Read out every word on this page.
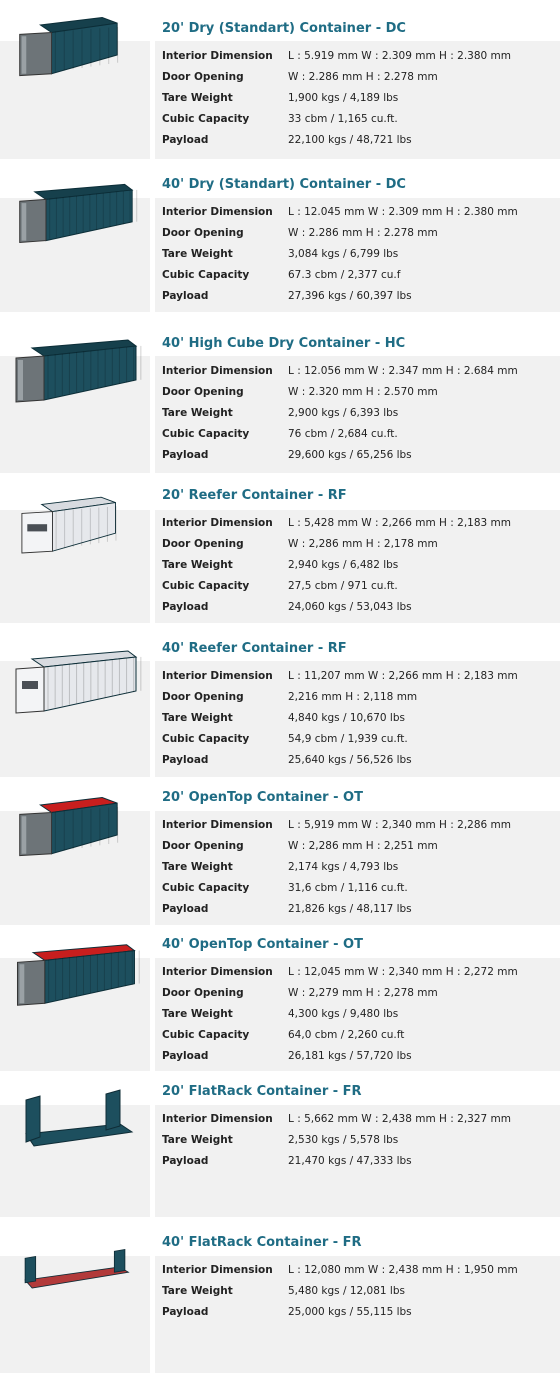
20' Dry (Standart) Container - DC
Interior Dimension L : 5.919 mm W : 2.309 mm H : 2.380 mm
Door Opening	W : 2.286 mm H : 2.278 mm
Tare Weight	1,900 kgs / 4,189 lbs
Cubic Capacity	33 cbm / 1,165 cu.ft.
Payload	22,100 kgs / 48,721 lbs
40' Dry (Standart) Container - DC
Interior Dimension L : 12.045 mm W : 2.309 mm H : 2.380 mm
Door Opening	W : 2.286 mm H : 2.278 mm
Tare Weight	3,084 kgs / 6,799 lbs
Cubic Capacity	67.3 cbm / 2,377 cu.f
Payload	27,396 kgs / 60,397 lbs
40' High Cube Dry Container - HC
Interior Dimension L : 12.056 mm W : 2.347 mm H : 2.684 mm
Door Opening	W : 2.320 mm H : 2.570 mm
Tare Weight	2,900 kgs / 6,393 lbs
Cubic Capacity	76 cbm / 2,684 cu.ft.
Payload	29,600 kgs / 65,256 lbs
20' Reefer Container - RF
Interior Dimension L : 5,428 mm W : 2,266 mm H : 2,183 mm
Door Opening	W : 2,286 mm H : 2,178 mm
Tare Weight	2,940 kgs / 6,482 lbs
Cubic Capacity	27,5 cbm / 971 cu.ft.
Payload	24,060 kgs / 53,043 lbs
40' Reefer Container - RF
Interior Dimension L : 11,207 mm W : 2,266 mm H : 2,183 mm
Door Opening	2,216 mm H : 2,118 mm
Tare Weight	4,840 kgs / 10,670 lbs
Cubic Capacity	54,9 cbm / 1,939 cu.ft.
Payload	25,640 kgs / 56,526 lbs
20' OpenTop Container - OT
Interior Dimension L : 5,919 mm W : 2,340 mm H : 2,286 mm
Door Opening	W : 2,286 mm H : 2,251 mm
Tare Weight	2,174 kgs / 4,793 lbs
Cubic Capacity	31,6 cbm / 1,116 cu.ft.
Payload	21,826 kgs / 48,117 lbs
40' OpenTop Container - OT
Interior Dimension L : 12,045 mm W : 2,340 mm H : 2,272 mm
Door Opening	W : 2,279 mm H : 2,278 mm
Tare Weight	4,300 kgs / 9,480 lbs
Cubic Capacity	64,0 cbm / 2,260 cu.ft
Payload	26,181 kgs / 57,720 lbs
20' FlatRack Container - FR
Interior Dimension L : 5,662 mm W : 2,438 mm H : 2,327 mm
Tare Weight	2,530 kgs / 5,578 lbs
Payload	21,470 kgs / 47,333 lbs
40' FlatRack Container - FR
Interior Dimension L : 12,080 mm W : 2,438 mm H : 1,950 mm
Tare Weight	5,480 kgs / 12,081 lbs
Payload	25,000 kgs / 55,115 lbs
